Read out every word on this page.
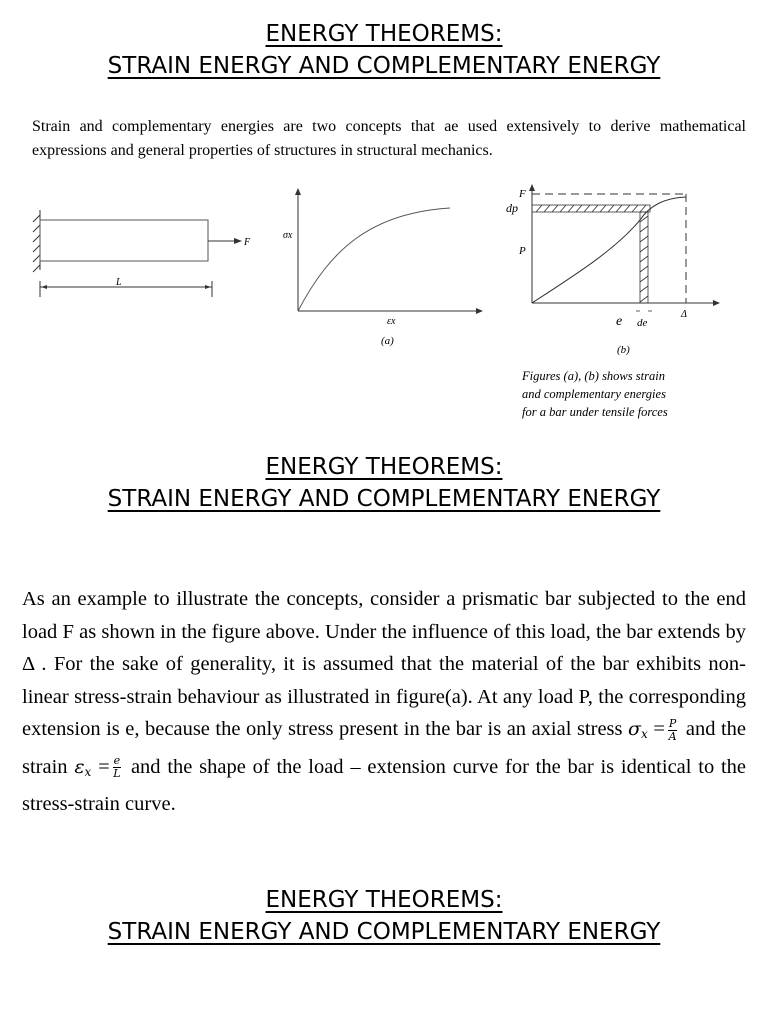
ENERGY THEOREMS:
STRAIN ENERGY AND COMPLEMENTARY ENERGY
Strain and complementary energies are two concepts that ae used extensively to derive mathematical expressions and general properties of structures in structural mechanics.
F
L
σx
εx
(a)
F
dp
P
e de
Δ
(b)
Figures (a), (b) shows strain
and complementary energies
for a bar under tensile forces
ENERGY THEOREMS:
STRAIN ENERGY AND COMPLEMENTARY ENERGY
As an example to illustrate the concepts, consider a prismatic bar subjected to the end load F as shown in the figure above. Under the influence of this load, the bar extends by Δ . For the sake of generality, it is assumed that the material of the bar exhibits non-linear stress-strain behaviour as illustrated in figure(a). At any load P, the corresponding extension is e, because the only stress present in the bar is an axial stress $\sigma_x = \frac{P}{A}$ and the strain $\varepsilon_x = \frac{e}{L}$ and the shape of the load – extension curve for the bar is identical to the stress-strain curve.
ENERGY THEOREMS:
STRAIN ENERGY AND COMPLEMENTARY ENERGY
